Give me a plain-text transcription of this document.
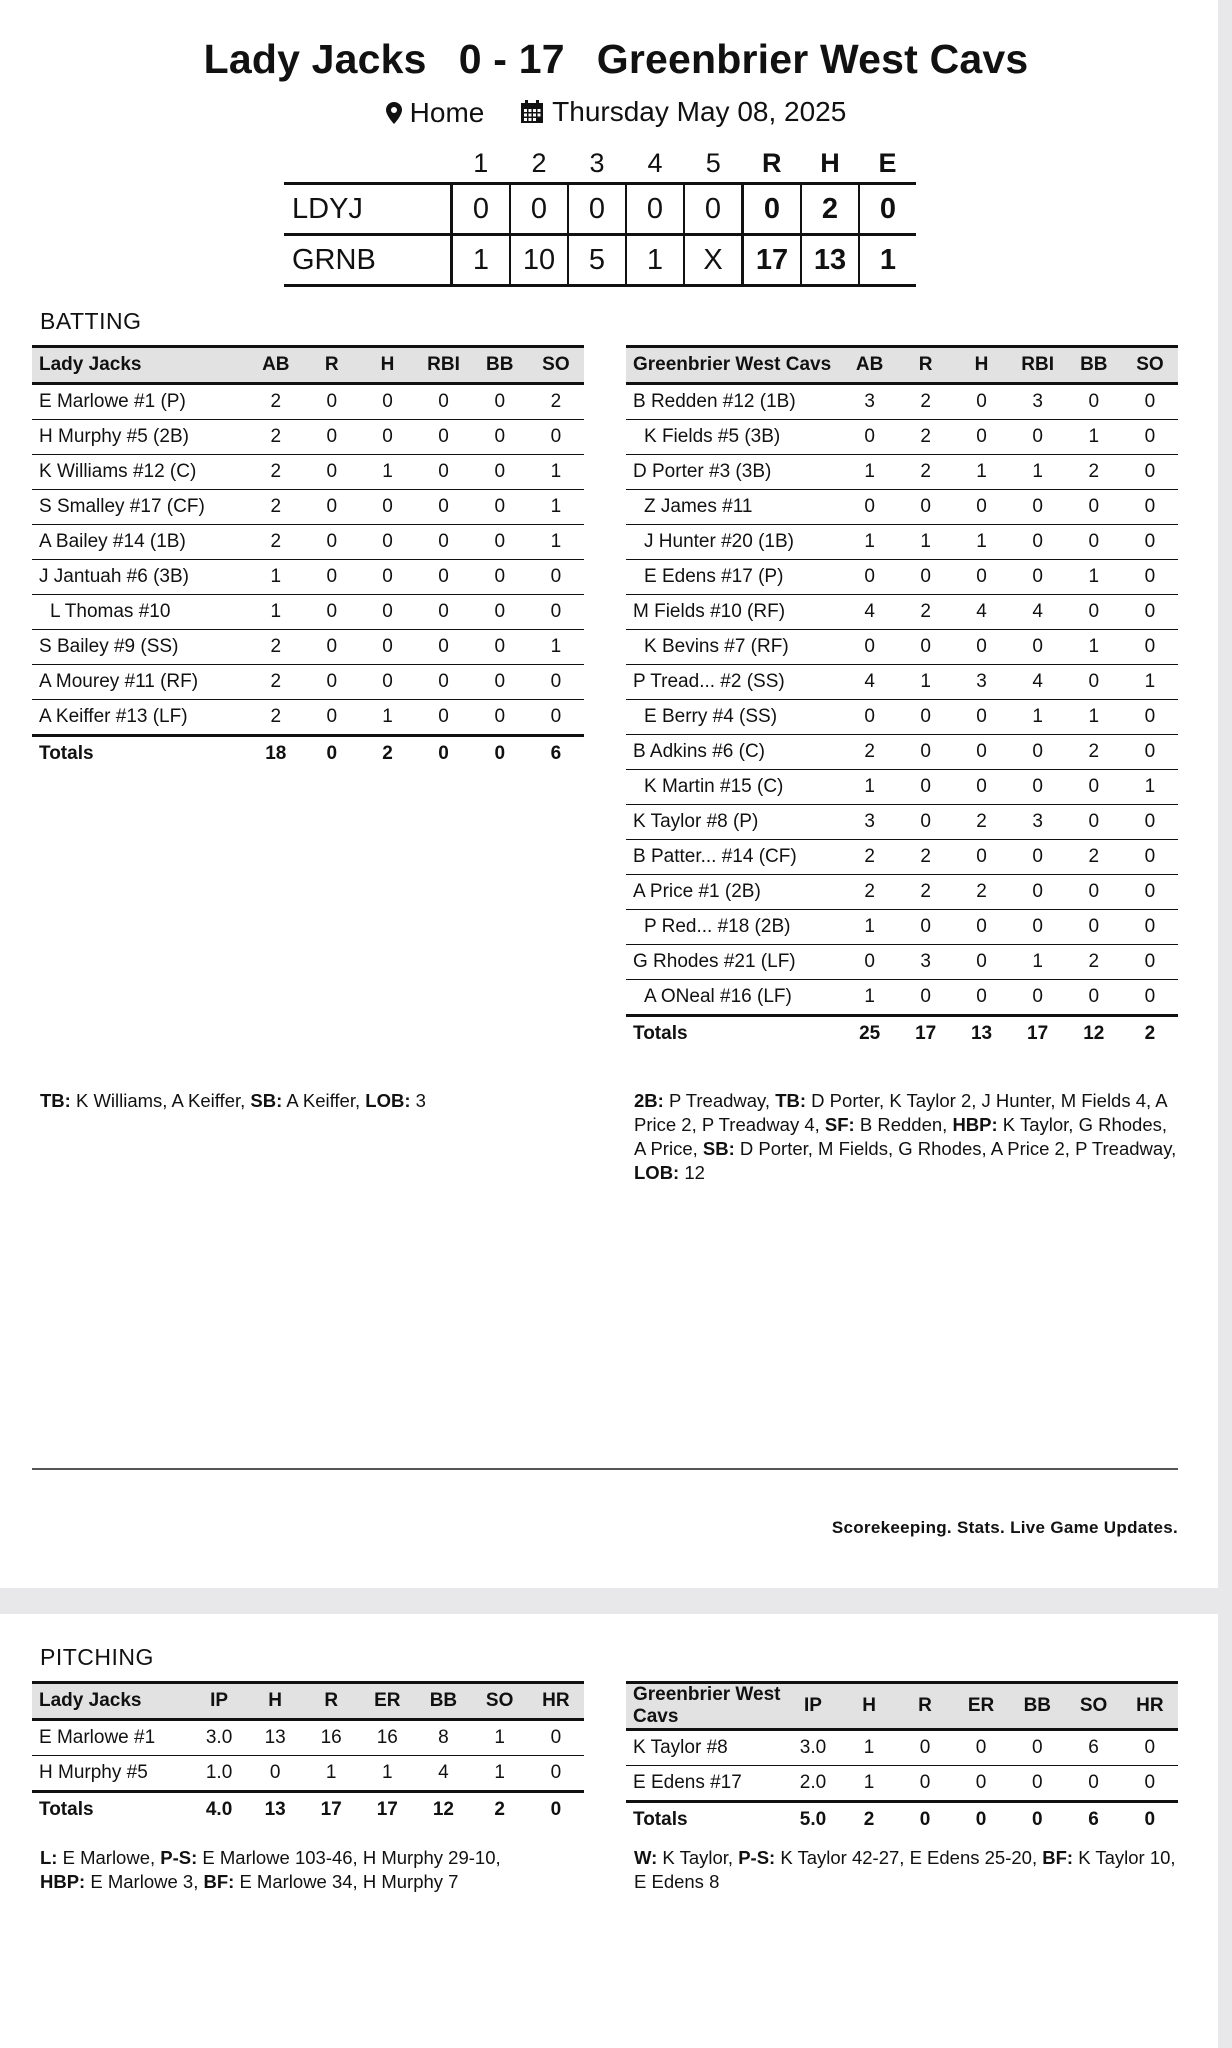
Lady Jacks 0 - 17 Greenbrier West Cavs
Home
Thursday May 08, 2025
	1	2	3	4	5	R	H	E
LDYJ	0	0	0	0	0	0	2	0
GRNB	1	10	5	1	X	17	13	1
BATTING
Lady Jacks	AB	R	H	RBI	BB	SO
E Marlowe #1 (P)	2	0	0	0	0	2
H Murphy #5 (2B)	2	0	0	0	0	0
K Williams #12 (C)	2	0	1	0	0	1
S Smalley #17 (CF)	2	0	0	0	0	1
A Bailey #14 (1B)	2	0	0	0	0	1
J Jantuah #6 (3B)	1	0	0	0	0	0
L Thomas #10	1	0	0	0	0	0
S Bailey #9 (SS)	2	0	0	0	0	1
A Mourey #11 (RF)	2	0	0	0	0	0
A Keiffer #13 (LF)	2	0	1	0	0	0
Totals	18	0	2	0	0	6
Greenbrier West Cavs	AB	R	H	RBI	BB	SO
B Redden #12 (1B)	3	2	0	3	0	0
K Fields #5 (3B)	0	2	0	0	1	0
D Porter #3 (3B)	1	2	1	1	2	0
Z James #11	0	0	0	0	0	0
J Hunter #20 (1B)	1	1	1	0	0	0
E Edens #17 (P)	0	0	0	0	1	0
M Fields #10 (RF)	4	2	4	4	0	0
K Bevins #7 (RF)	0	0	0	0	1	0
P Tread... #2 (SS)	4	1	3	4	0	1
E Berry #4 (SS)	0	0	0	1	1	0
B Adkins #6 (C)	2	0	0	0	2	0
K Martin #15 (C)	1	0	0	0	0	1
K Taylor #8 (P)	3	0	2	3	0	0
B Patter... #14 (CF)	2	2	0	0	2	0
A Price #1 (2B)	2	2	2	0	0	0
P Red... #18 (2B)	1	0	0	0	0	0
G Rhodes #21 (LF)	0	3	0	1	2	0
A ONeal #16 (LF)	1	0	0	0	0	0
Totals	25	17	13	17	12	2
TB: K Williams, A Keiffer, SB: A Keiffer, LOB: 3	2B: P Treadway, TB: D Porter, K Taylor 2, J Hunter, M Fields 4, A Price 2, P Treadway 4, SF: B Redden, HBP: K Taylor, G Rhodes, A Price, SB: D Porter, M Fields, G Rhodes, A Price 2, P Treadway, LOB: 12
Scorekeeping. Stats. Live Game Updates.
PITCHING
Lady Jacks	IP	H	R	ER	BB	SO	HR
E Marlowe #1	3.0	13	16	16	8	1	0
H Murphy #5	1.0	0	1	1	4	1	0
Totals	4.0	13	17	17	12	2	0
Greenbrier West Cavs	IP	H	R	ER	BB	SO	HR
K Taylor #8	3.0	1	0	0	0	6	0
E Edens #17	2.0	1	0	0	0	0	0
Totals	5.0	2	0	0	0	6	0
L: E Marlowe, P-S: E Marlowe 103-46, H Murphy 29-10, HBP: E Marlowe 3, BF: E Marlowe 34, H Murphy 7
W: K Taylor, P-S: K Taylor 42-27, E Edens 25-20, BF: K Taylor 10, E Edens 8
